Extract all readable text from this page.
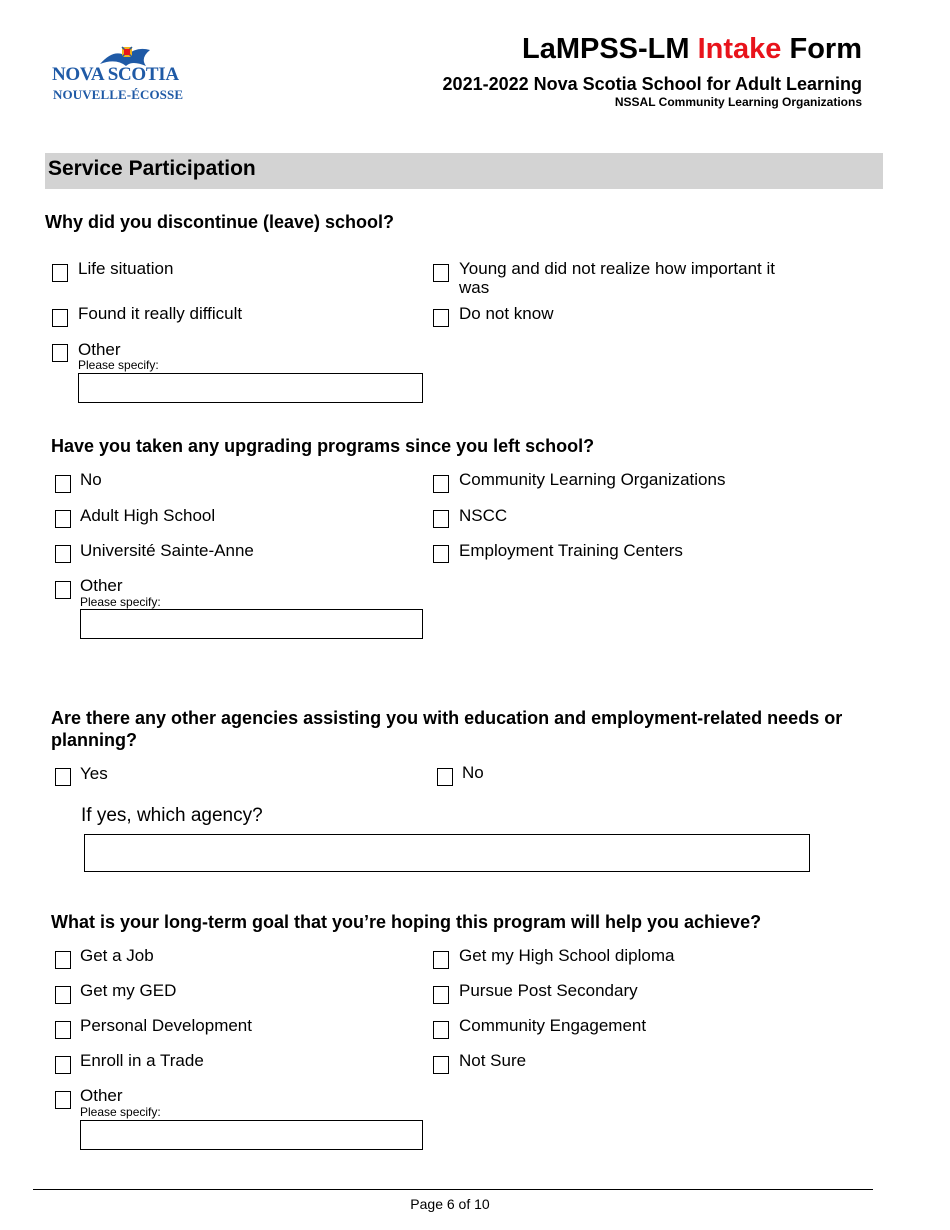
NOVA SCOTIA
NOUVELLE-ÉCOSSE
LaMPSS-LM Intake Form
2021-2022 Nova Scotia School for Adult Learning
NSSAL Community Learning Organizations
Service Participation
Why did you discontinue (leave) school?
Life situation	Young and did not realize how important it was
Found it really difficult	Do not know
Other
Please specify:
Have you taken any upgrading programs since you left school?
No	Community Learning Organizations
Adult High School	NSCC
Université Sainte-Anne	Employment Training Centers
Other
Please specify:
Are there any other agencies assisting you with education and employment-related needs or planning?
Yes	No
If yes, which agency?
What is your long-term goal that you’re hoping this program will help you achieve?
Get a Job	Get my High School diploma
Get my GED	Pursue Post Secondary
Personal Development	Community Engagement
Enroll in a Trade	Not Sure
Other
Please specify:
Page 6 of 10
